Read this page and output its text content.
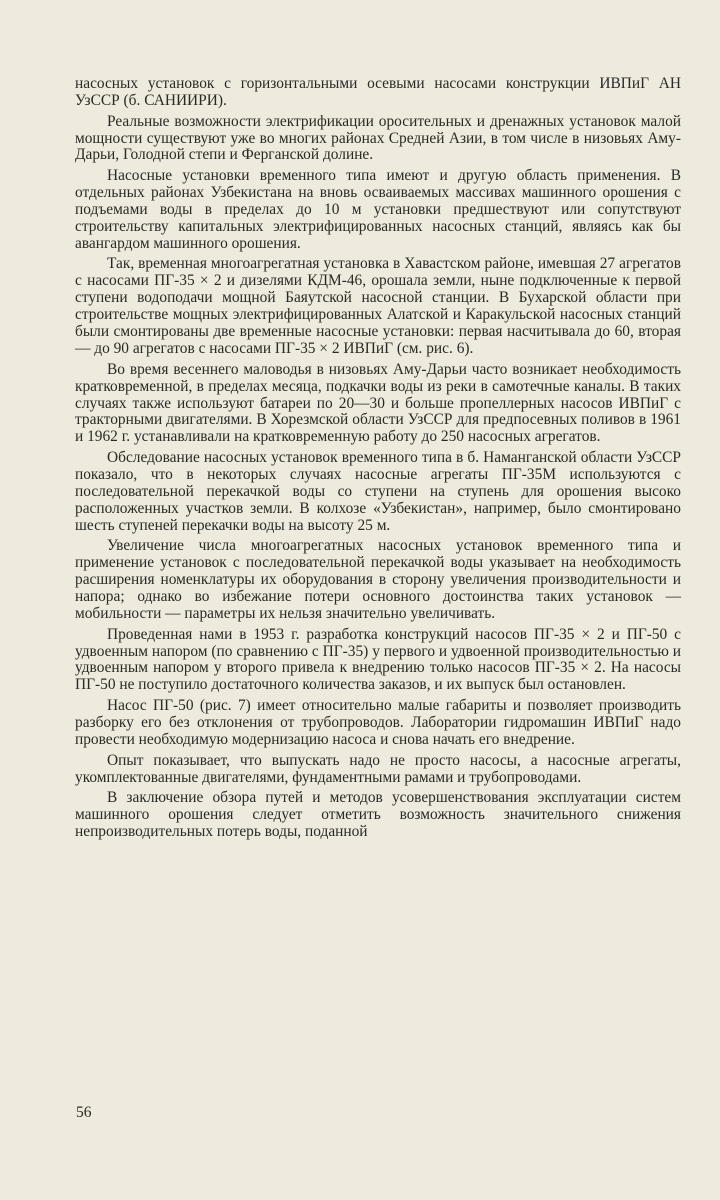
насосных установок с горизонтальными осевыми насосами конструкции ИВПиГ АН УзССР (б. САНИИРИ).

Реальные возможности электрификации оросительных и дренажных установок малой мощности существуют уже во многих районах Средней Азии, в том числе в низовьях Аму-Дарьи, Голодной степи и Ферганской долине.

Насосные установки временного типа имеют и другую область применения. В отдельных районах Узбекистана на вновь осваиваемых массивах машинного орошения с подъемами воды в пределах до 10 м установки предшествуют или сопутствуют строительству капитальных электрифицированных насосных станций, являясь как бы авангардом машинного орошения.

Так, временная многоагрегатная установка в Хавастском районе, имевшая 27 агрегатов с насосами ПГ-35 × 2 и дизелями КДМ-46, орошала земли, ныне подключенные к первой ступени водоподачи мощной Баяутской насосной станции. В Бухарской области при строительстве мощных электрифицированных Алатской и Каракульской насосных станций были смонтированы две временные насосные установки: первая насчитывала до 60, вторая — до 90 агрегатов с насосами ПГ-35 × 2 ИВПиГ (см. рис. 6).

Во время весеннего маловодья в низовьях Аму-Дарьи часто возникает необходимость кратковременной, в пределах месяца, подкачки воды из реки в самотечные каналы. В таких случаях также используют батареи по 20—30 и больше пропеллерных насосов ИВПиГ с тракторными двигателями. В Хорезмской области УзССР для предпосевных поливов в 1961 и 1962 г. устанавливали на кратковременную работу до 250 насосных агрегатов.

Обследование насосных установок временного типа в б. Наманганской области УзССР показало, что в некоторых случаях насосные агрегаты ПГ-35М используются с последовательной перекачкой воды со ступени на ступень для орошения высоко расположенных участков земли. В колхозе «Узбекистан», например, было смонтировано шесть ступеней перекачки воды на высоту 25 м.

Увеличение числа многоагрегатных насосных установок временного типа и применение установок с последовательной перекачкой воды указывает на необходимость расширения номенклатуры их оборудования в сторону увеличения производительности и напора; однако во избежание потери основного достоинства таких установок — мобильности — параметры их нельзя значительно увеличивать.

Проведенная нами в 1953 г. разработка конструкций насосов ПГ-35 × 2 и ПГ-50 с удвоенным напором (по сравнению с ПГ-35) у первого и удвоенной производительностью и удвоенным напором у второго привела к внедрению только насосов ПГ-35 × 2. На насосы ПГ-50 не поступило достаточного количества заказов, и их выпуск был остановлен.

Насос ПГ-50 (рис. 7) имеет относительно малые габариты и позволяет производить разборку его без отклонения от трубопроводов. Лаборатории гидромашин ИВПиГ надо провести необходимую модернизацию насоса и снова начать его внедрение.

Опыт показывает, что выпускать надо не просто насосы, а насосные агрегаты, укомплектованные двигателями, фундаментными рамами и трубопроводами.

В заключение обзора путей и методов усовершенствования эксплуатации систем машинного орошения следует отметить возможность значительного снижения непроизводительных потерь воды, поданной

56
